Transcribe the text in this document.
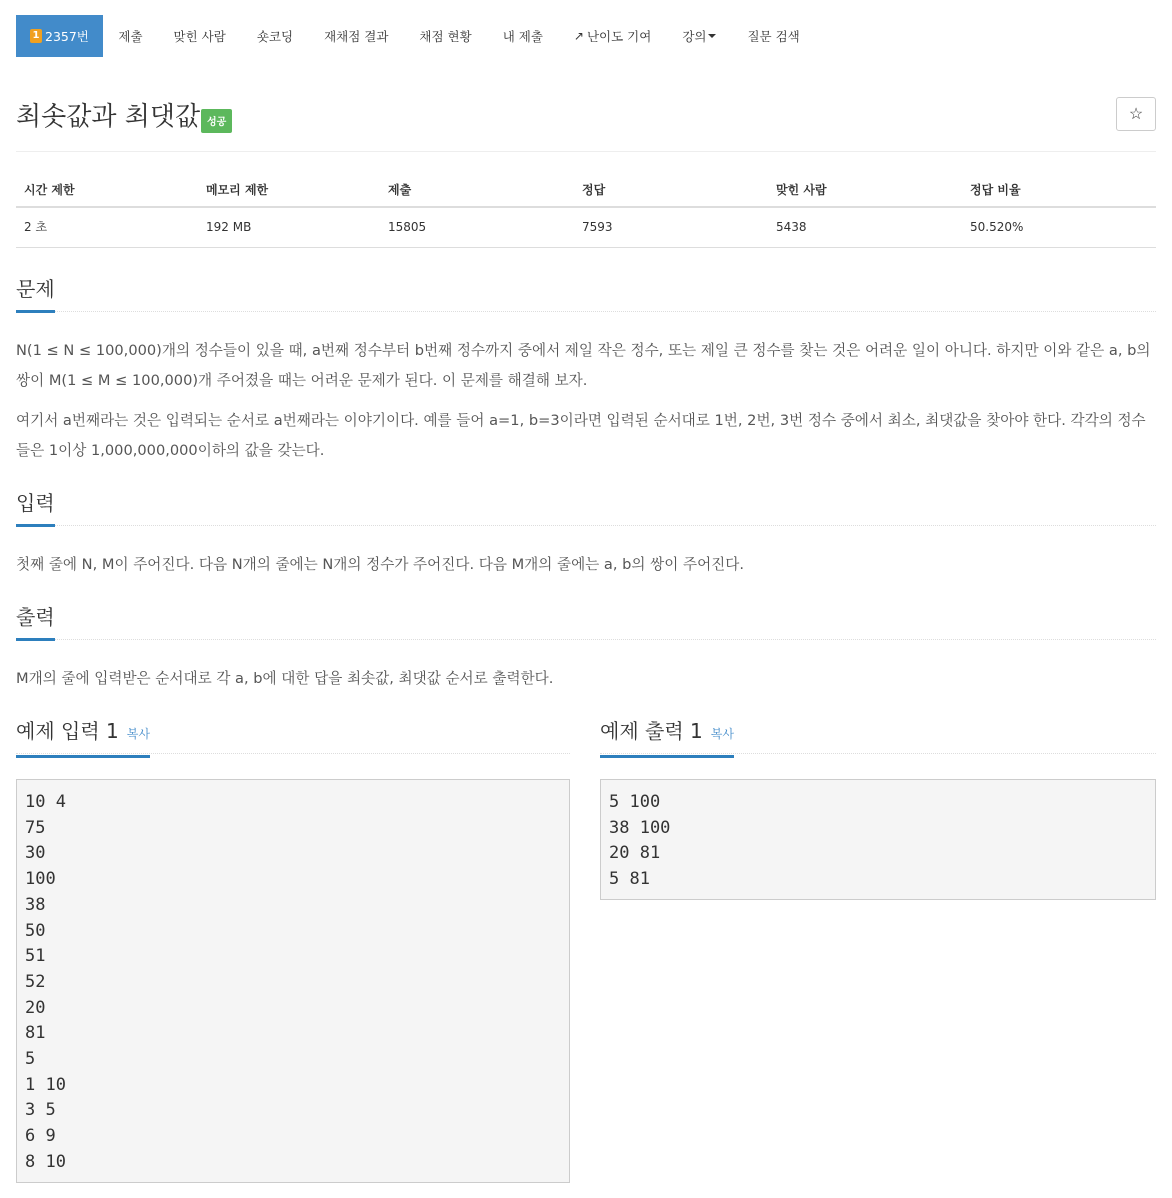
1 2357번	제출	맞힌 사람	숏코딩	재채점 결과	채점 현황	내 제출	↗ 난이도 기여 강의	질문 검색
최솟값과 최댓값 성공	☆
시간 제한	메모리 제한	제출	정답	맞힌 사람	정답 비율
2 초	192 MB	15805	7593	5438	50.520%
문제

N(1 ≤ N ≤ 100,000)개의 정수들이 있을 때, a번째 정수부터 b번째 정수까지 중에서 제일 작은 정수, 또는 제일 큰 정수를 찾는 것은 어려운 일이 아니다. 하지만 이와 같은 a, b의 쌍이 M(1 ≤ M ≤ 100,000)개 주어졌을 때는 어려운 문제가 된다. 이 문제를 해결해 보자.

여기서 a번째라는 것은 입력되는 순서로 a번째라는 이야기이다. 예를 들어 a=1, b=3이라면 입력된 순서대로 1번, 2번, 3번 정수 중에서 최소, 최댓값을 찾아야 한다. 각각의 정수들은 1이상 1,000,000,000이하의 값을 갖는다.

입력

첫째 줄에 N, M이 주어진다. 다음 N개의 줄에는 N개의 정수가 주어진다. 다음 M개의 줄에는 a, b의 쌍이 주어진다.

출력

M개의 줄에 입력받은 순서대로 각 a, b에 대한 답을 최솟값, 최댓값 순서로 출력한다.

예제 입력 1 복사	예제 출력 1 복사
10 4
75
30
100
38
50
51
52
20
81
5
1 10
3 5
6 9
8 10
5 100
38 100
20 81
5 81
